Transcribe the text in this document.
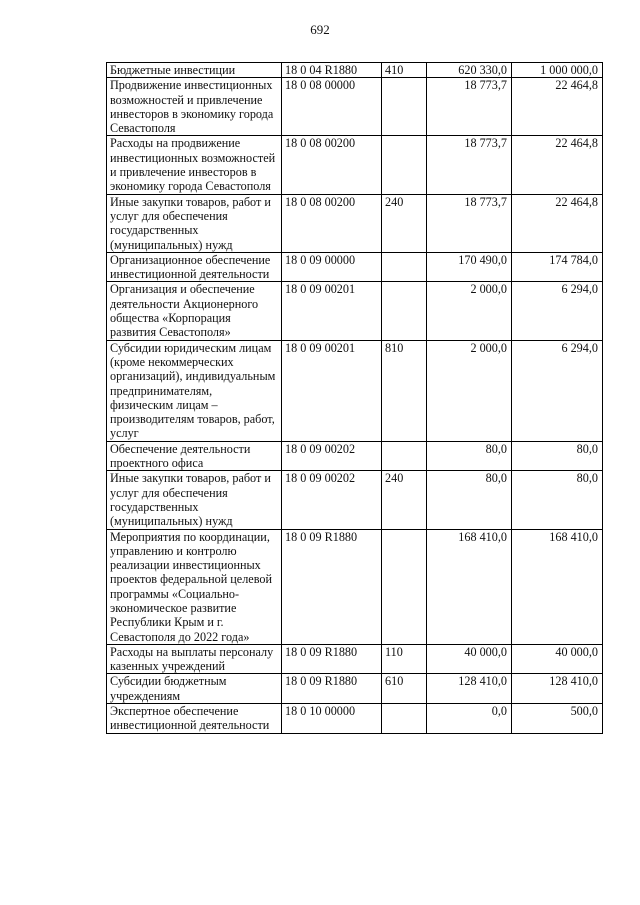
692
Бюджетные инвестиции	18 0 04 R1880	410	620 330,0	1 000 000,0
Продвижение инвестиционных возможностей и привлечение инвесторов в экономику города Севастополя	18 0 08 00000		18 773,7	22 464,8
Расходы на продвижение инвестиционных возможностей и привлечение инвесторов в экономику города Севастополя	18 0 08 00200		18 773,7	22 464,8
Иные закупки товаров, работ и услуг для обеспечения государственных (муниципальных) нужд	18 0 08 00200	240	18 773,7	22 464,8
Организационное обеспечение инвестиционной деятельности	18 0 09 00000		170 490,0	174 784,0
Организация и обеспечение деятельности Акционерного общества «Корпорация развития Севастополя»	18 0 09 00201		2 000,0	6 294,0
Субсидии юридическим лицам (кроме некоммерческих организаций), индивидуальным предпринимателям, физическим лицам – производителям товаров, работ, услуг	18 0 09 00201	810	2 000,0	6 294,0
Обеспечение деятельности проектного офиса	18 0 09 00202		80,0	80,0
Иные закупки товаров, работ и услуг для обеспечения государственных (муниципальных) нужд	18 0 09 00202	240	80,0	80,0
Мероприятия по координации, управлению и контролю реализации инвестиционных проектов федеральной целевой программы «Социально-экономическое развитие Республики Крым и г. Севастополя до 2022 года»	18 0 09 R1880		168 410,0	168 410,0
Расходы на выплаты персоналу казенных учреждений	18 0 09 R1880	110	40 000,0	40 000,0
Субсидии бюджетным учреждениям	18 0 09 R1880	610	128 410,0	128 410,0
Экспертное обеспечение инвестиционной деятельности	18 0 10 00000		0,0	500,0
